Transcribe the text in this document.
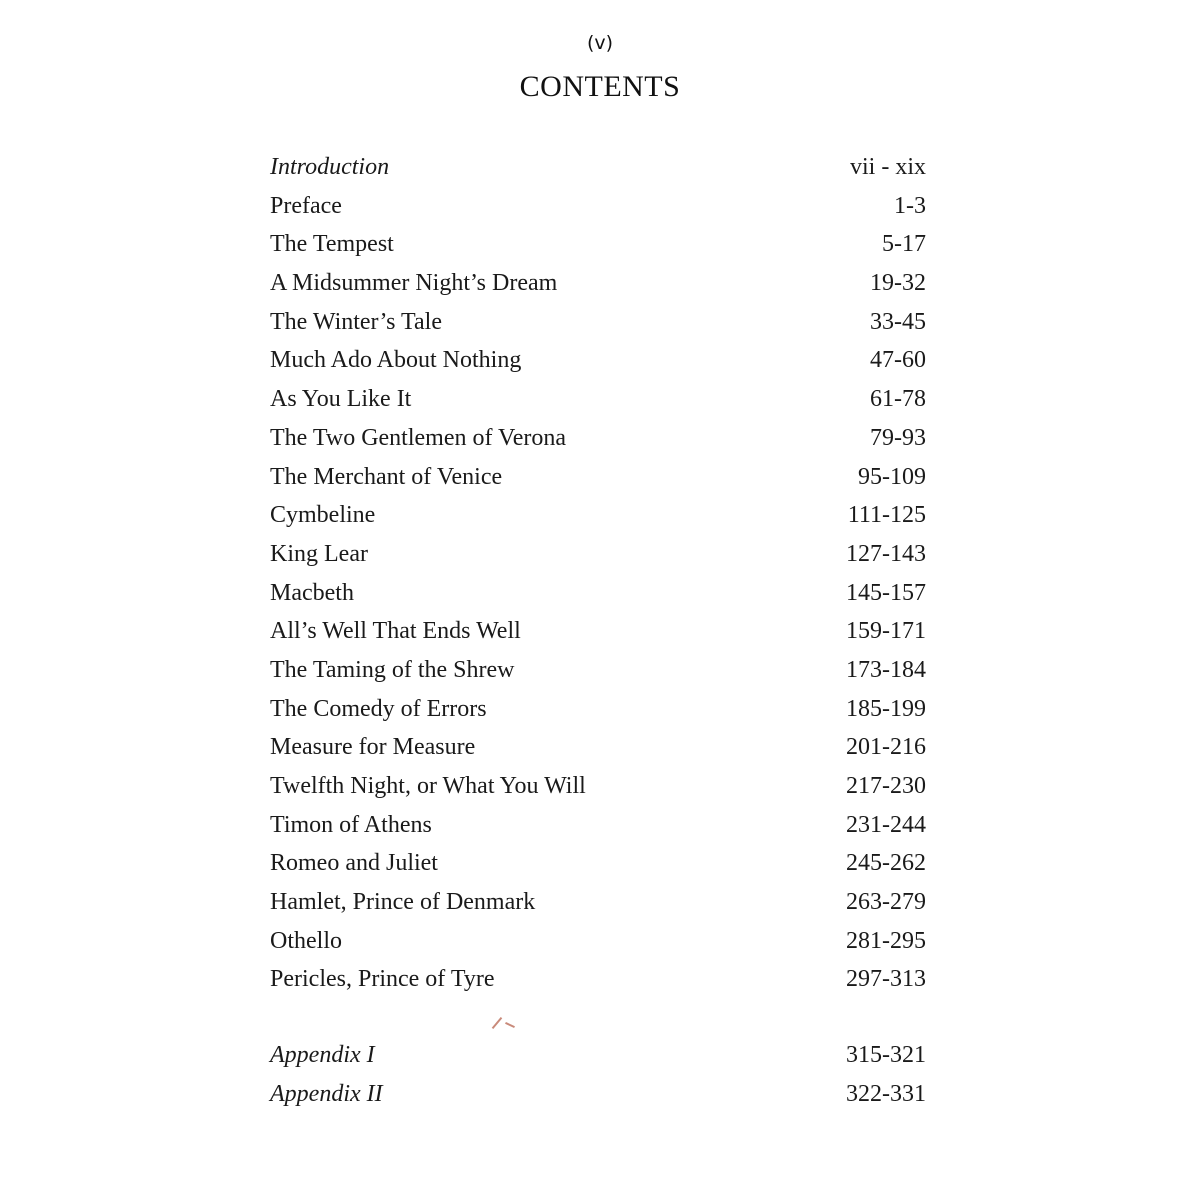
(v)
CONTENTS
Introduction	vii - xix
Preface	1-3
The Tempest	5-17
A Midsummer Night’s Dream	19-32
The Winter’s Tale	33-45
Much Ado About Nothing	47-60
As You Like It	61-78
The Two Gentlemen of Verona	79-93
The Merchant of Venice	95-109
Cymbeline	111-125
King Lear	127-143
Macbeth	145-157
All’s Well That Ends Well	159-171
The Taming of the Shrew	173-184
The Comedy of Errors	185-199
Measure for Measure	201-216
Twelfth Night, or What You Will	217-230
Timon of Athens	231-244
Romeo and Juliet	245-262
Hamlet, Prince of Denmark	263-279
Othello	281-295
Pericles, Prince of Tyre	297-313
Appendix I	315-321
Appendix II	322-331
